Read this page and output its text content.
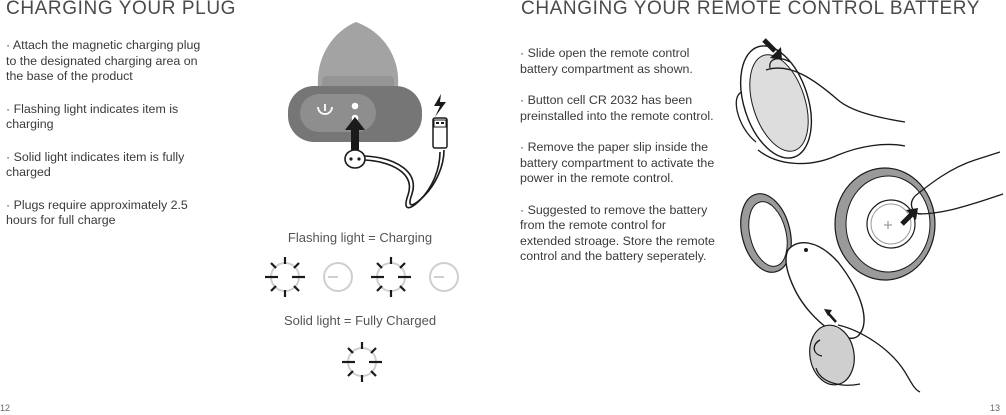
CHARGING YOUR PLUG
· Attach the magnetic charging plug to the designated charging area on the base of the product
· Flashing light indicates item is charging
· Solid light indicates item is fully charged
· Plugs require approximately 2.5 hours for full charge
Flashing light = Charging
Solid light = Fully Charged
CHANGING YOUR REMOTE CONTROL BATTERY
· Slide open the remote control battery compartment as shown.
· Button cell CR 2032 has been preinstalled into the remote control.
· Remove the paper slip inside the battery compartment to activate the power in the remote control.
· Suggested to remove the battery from the remote control for extended stroage. Store the remote control and the battery seperately.
12	13
